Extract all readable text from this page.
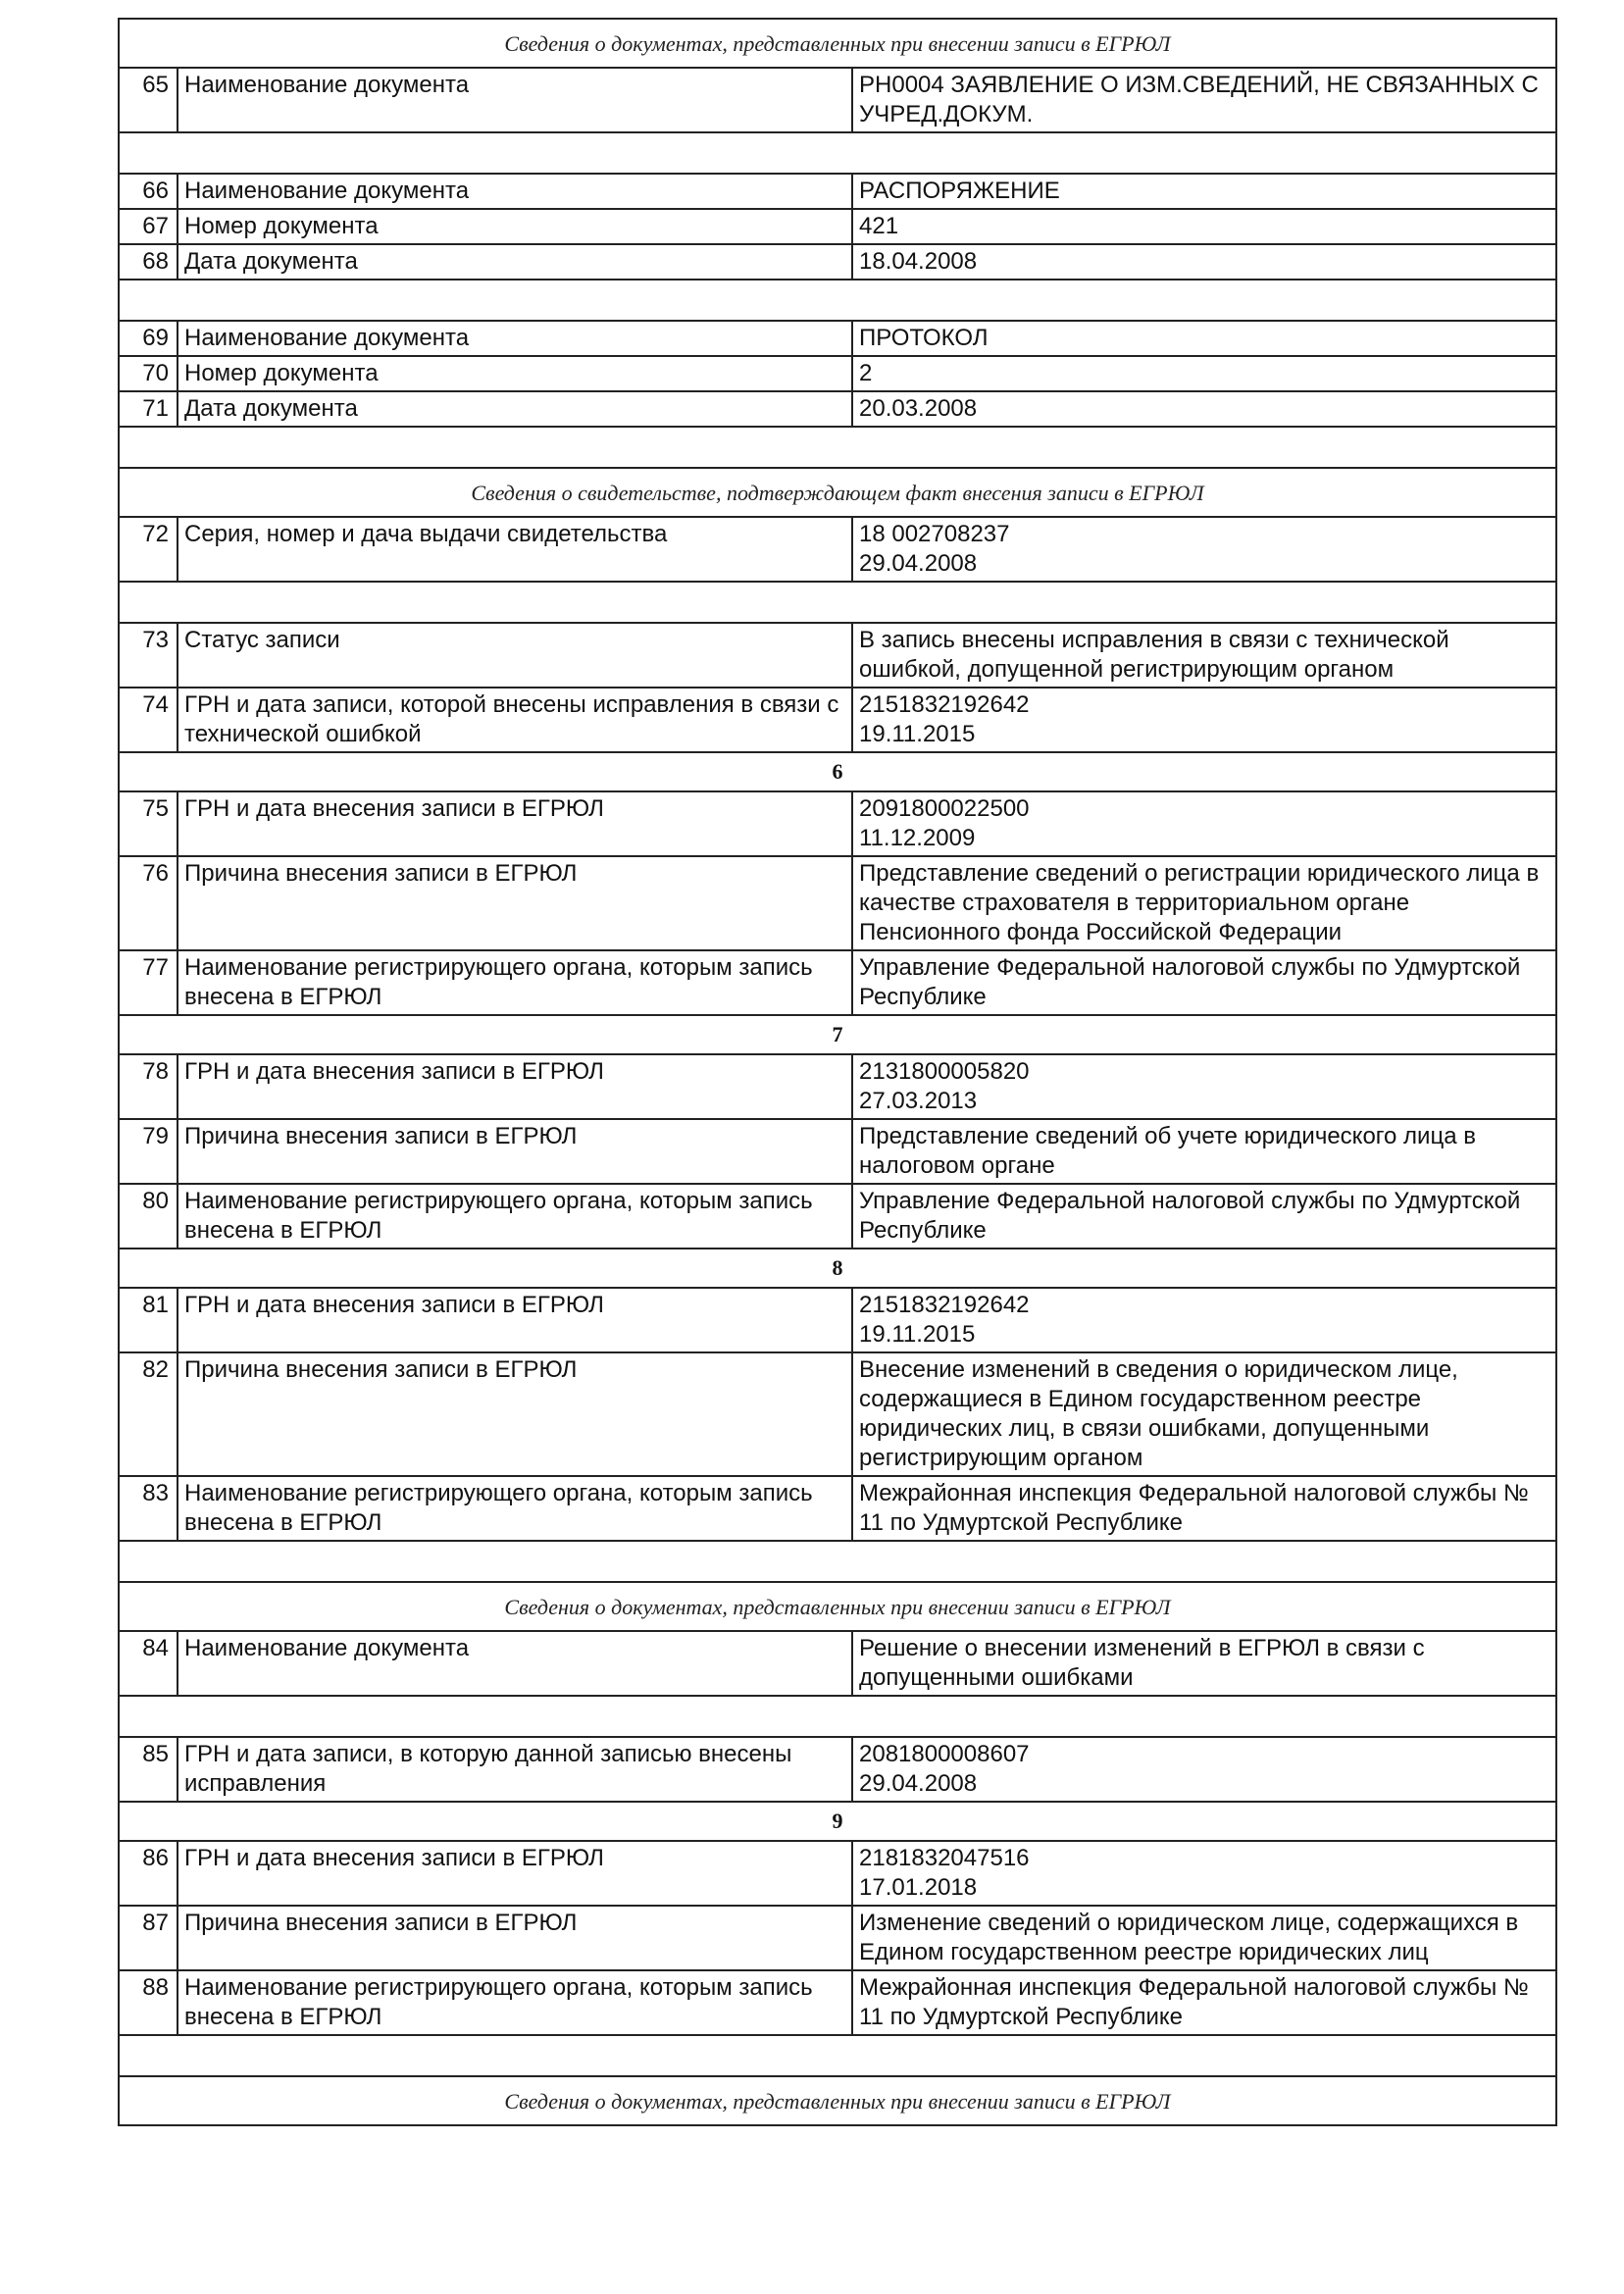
Сведения о документах, представленных при внесении записи в ЕГРЮЛ		
65	Наименование документа	РН0004 ЗАЯВЛЕНИЕ О ИЗМ.СВЕДЕНИЙ, НЕ СВЯЗАННЫХ С УЧРЕД.ДОКУМ.

66	Наименование документа	РАСПОРЯЖЕНИЕ

67	Номер документа	421

68	Дата документа	18.04.2008

69	Наименование документа	ПРОТОКОЛ

70	Номер документа	2

71	Дата документа	20.03.2008

Сведения о свидетельстве, подтверждающем факт внесения записи в ЕГРЮЛ		
72	Серия, номер и дача выдачи свидетельства	18 002708237
29.04.2008

73	Статус записи	В запись внесены исправления в связи с технической ошибкой, допущенной регистрирующим органом

74	ГРН и дата записи, которой внесены исправления в связи с технической ошибкой	2151832192642
19.11.2015

6		
75	ГРН и дата внесения записи в ЕГРЮЛ	2091800022500
11.12.2009

76	Причина внесения записи в ЕГРЮЛ	Представление сведений о регистрации юридического лица в качестве страхователя в территориальном органе Пенсионного фонда Российской Федерации

77	Наименование регистрирующего органа, которым запись внесена в ЕГРЮЛ	Управление Федеральной налоговой службы по Удмуртской Республике

7		
78	ГРН и дата внесения записи в ЕГРЮЛ	2131800005820
27.03.2013

79	Причина внесения записи в ЕГРЮЛ	Представление сведений об учете юридического лица в налоговом органе

80	Наименование регистрирующего органа, которым запись внесена в ЕГРЮЛ	Управление Федеральной налоговой службы по Удмуртской Республике

8		
81	ГРН и дата внесения записи в ЕГРЮЛ	2151832192642
19.11.2015

82	Причина внесения записи в ЕГРЮЛ	Внесение изменений в сведения о юридическом лице, содержащиеся в Едином государственном реестре юридических лиц, в связи ошибками, допущенными регистрирующим органом

83	Наименование регистрирующего органа, которым запись внесена в ЕГРЮЛ	Межрайонная инспекция Федеральной налоговой службы № 11 по Удмуртской Республике

Сведения о документах, представленных при внесении записи в ЕГРЮЛ		
84	Наименование документа	Решение о внесении изменений в ЕГРЮЛ в связи с допущенными ошибками

85	ГРН и дата записи, в которую данной записью внесены исправления	2081800008607
29.04.2008

9		
86	ГРН и дата внесения записи в ЕГРЮЛ	2181832047516
17.01.2018

87	Причина внесения записи в ЕГРЮЛ	Изменение сведений о юридическом лице, содержащихся в Едином государственном реестре юридических лиц

88	Наименование регистрирующего органа, которым запись внесена в ЕГРЮЛ	Межрайонная инспекция Федеральной налоговой службы № 11 по Удмуртской Республике

Сведения о документах, представленных при внесении записи в ЕГРЮЛ		
